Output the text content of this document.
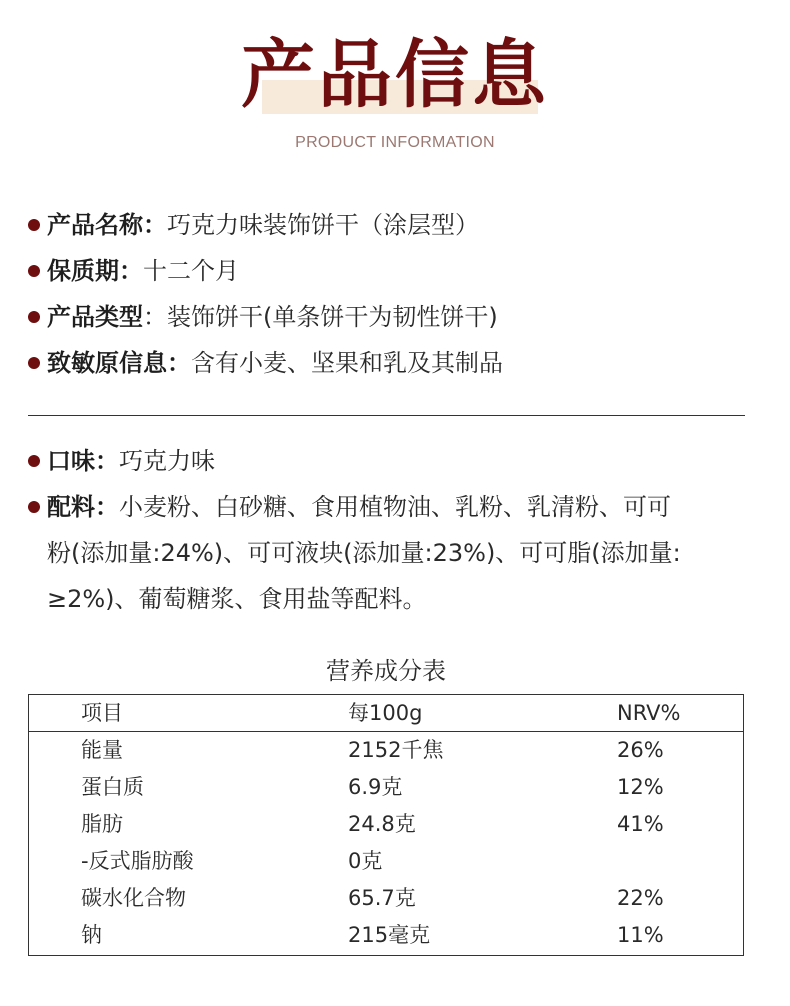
产品信息
PRODUCT INFORMATION
产品名称： 巧克力味装饰饼干（涂层型）
保质期： 十二个月
产品类型 ：装饰饼干(单条饼干为韧性饼干)
致敏原信息： 含有小麦、坚果和乳及其制品
口味： 巧克力味
配料： 小麦粉、白砂糖、食用植物油、乳粉、乳清粉、可可
粉(添加量:24%)、可可液块(添加量:23%)、可可脂(添加量:
≥2%)、葡萄糖浆、食用盐等配料。
营养成分表
项目	每100g	NRV%
能量	2152千焦	26%
蛋白质	6.9克	12%
脂肪	24.8克	41%
-反式脂肪酸	0克
碳水化合物	65.7克	22%
钠	215毫克	11%
